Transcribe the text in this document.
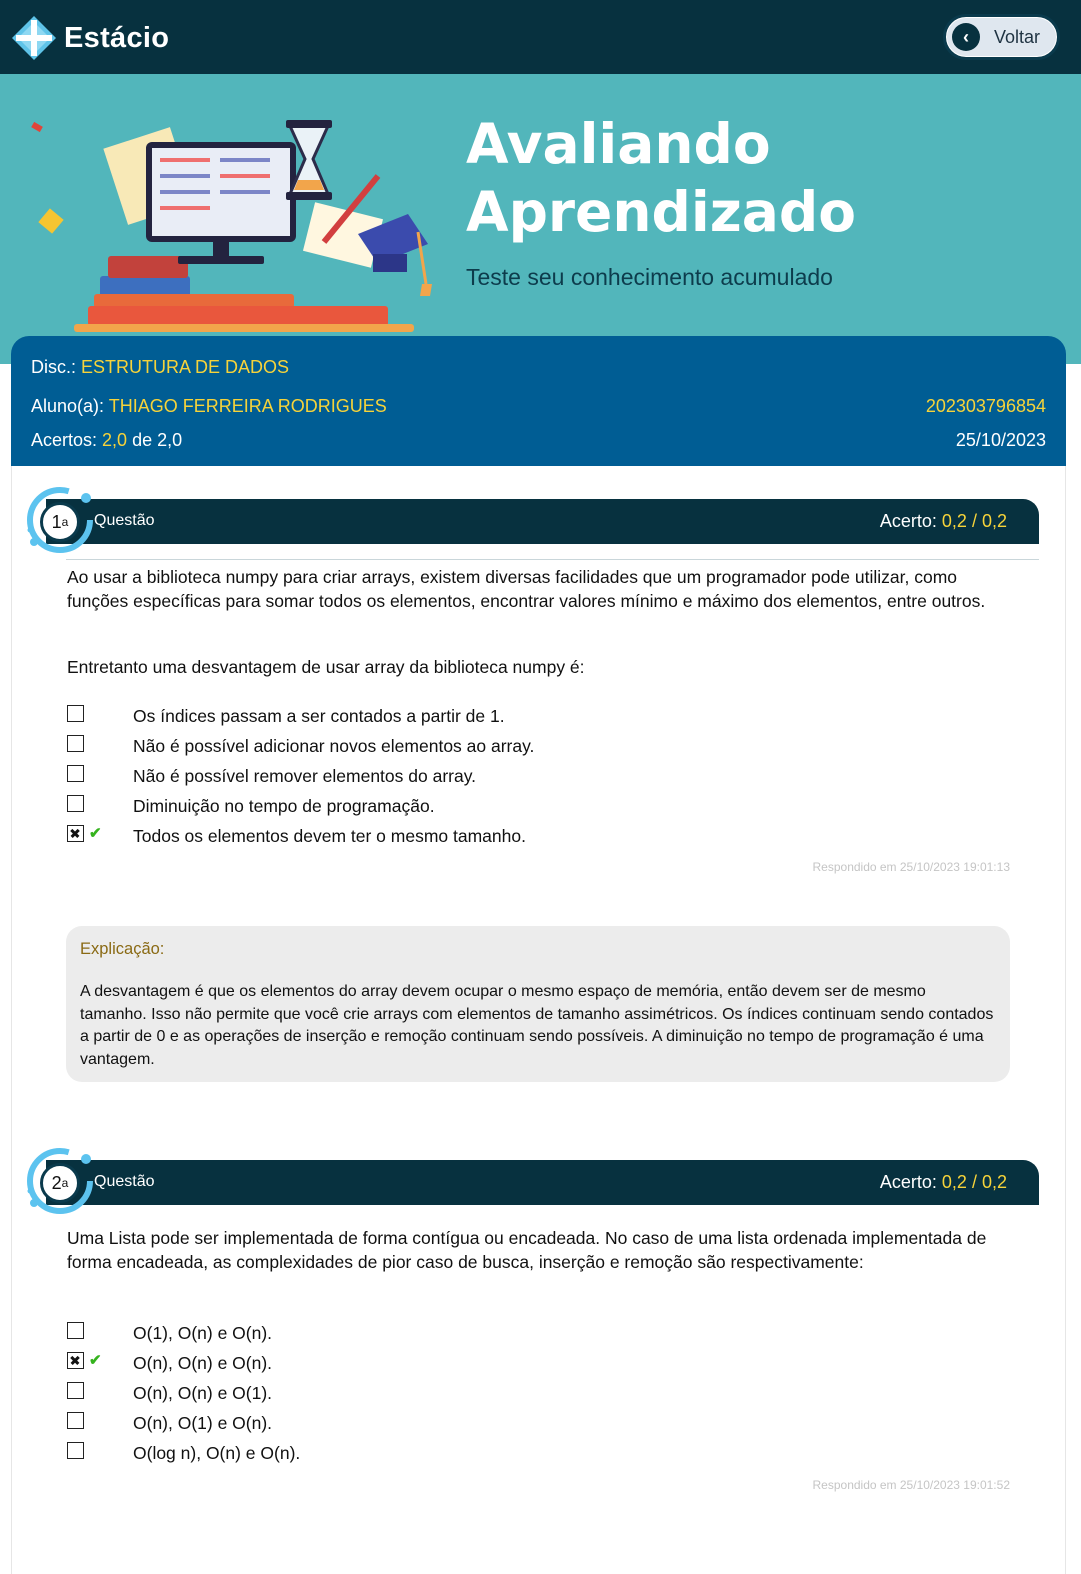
Estácio	‹	Voltar
Avaliando
Aprendizado
Teste seu conhecimento acumulado
Disc.: ESTRUTURA DE DADOS
Aluno(a): THIAGO FERREIRA RODRIGUES	202303796854
Acertos: 2,0 de 2,0	25/10/2023
Questão	Acerto: 0,2 / 0,2
1 a
Ao usar a biblioteca numpy para criar arrays, existem diversas facilidades que um programador pode utilizar, como funções específicas para somar todos os elementos, encontrar valores mínimo e máximo dos elementos, entre outros.
Entretanto uma desvantagem de usar array da biblioteca numpy é:
Os índices passam a ser contados a partir de 1.
Não é possível adicionar novos elementos ao array.
Não é possível remover elementos do array.
Diminuição no tempo de programação.
✔ Todos os elementos devem ter o mesmo tamanho.
Respondido em 25/10/2023 19:01:13
Explicação:
A desvantagem é que os elementos do array devem ocupar o mesmo espaço de memória, então devem ser de mesmo tamanho. Isso não permite que você crie arrays com elementos de tamanho assimétricos. Os índices continuam sendo contados a partir de 0 e as operações de inserção e remoção continuam sendo possíveis. A diminuição no tempo de programação é uma vantagem.
Questão	Acerto: 0,2 / 0,2
2 a
Uma Lista pode ser implementada de forma contígua ou encadeada. No caso de uma lista ordenada implementada de forma encadeada, as complexidades de pior caso de busca, inserção e remoção são respectivamente:
O(1), O(n) e O(n).
✔ O(n), O(n) e O(n).
O(n), O(n) e O(1).
O(n), O(1) e O(n).
O(log n), O(n) e O(n).
Respondido em 25/10/2023 19:01:52
